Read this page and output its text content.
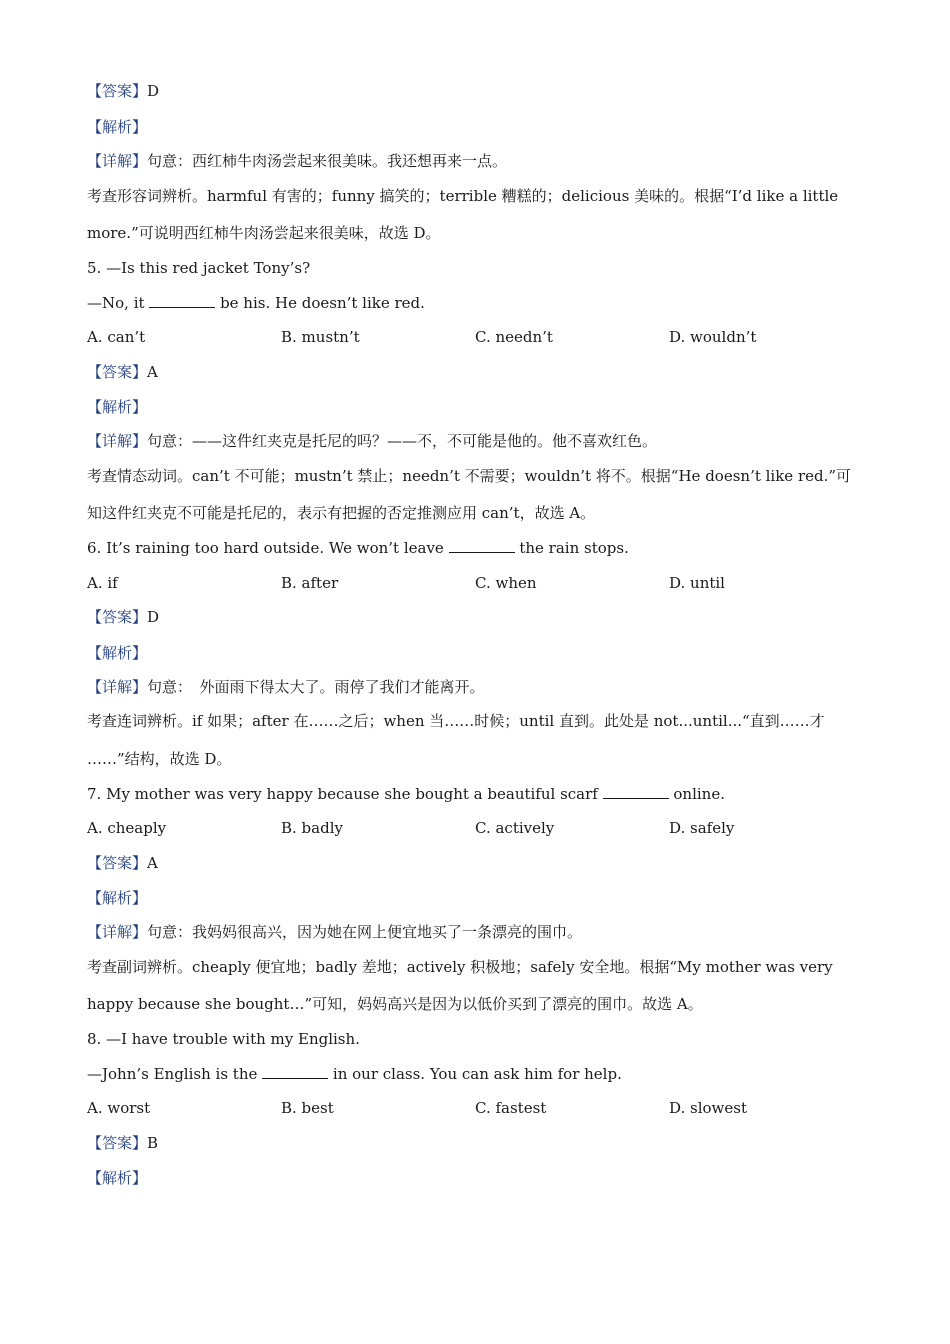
【答案】D
【解析】
【详解】句意：西红柿牛肉汤尝起来很美味。我还想再来一点。
考查形容词辨析。harmful 有害的；funny 搞笑的；terrible 糟糕的；delicious 美味的。根据“I’d like a little
more.”可说明西红柿牛肉汤尝起来很美味，故选 D。
5. —Is this red jacket Tony’s?
—No, it	be his. He doesn’t like red.
A. can’t	B. mustn’t	C. needn’t	D. wouldn’t
【答案】A
【解析】
【详解】句意：——这件红夹克是托尼的吗？——不，不可能是他的。他不喜欢红色。
考查情态动词。can’t 不可能；mustn’t 禁止；needn’t 不需要；wouldn’t 将不。根据“He doesn’t like red.”可
知这件红夹克不可能是托尼的，表示有把握的否定推测应用 can’t，故选 A。
6. It’s raining too hard outside. We won’t leave	the rain stops.
A. if	B. after	C. when	D. until
【答案】D
【解析】
【详解】句意：　外面雨下得太大了。雨停了我们才能离开。
考查连词辨析。if 如果；after 在……之后；when 当……时候；until 直到。此处是 not...until...“直到……才
……”结构，故选 D。
7. My mother was very happy because she bought a beautiful scarf	online.
A. cheaply	B. badly	C. actively	D. safely
【答案】A
【解析】
【详解】句意：我妈妈很高兴，因为她在网上便宜地买了一条漂亮的围巾。
考查副词辨析。cheaply 便宜地；badly 差地；actively 积极地；safely 安全地。根据“My mother was very
happy because she bought…”可知，妈妈高兴是因为以低价买到了漂亮的围巾。故选 A。
8. —I have trouble with my English.
—John’s English is the	in our class. You can ask him for help.
A. worst	B. best	C. fastest	D. slowest
【答案】B
【解析】
